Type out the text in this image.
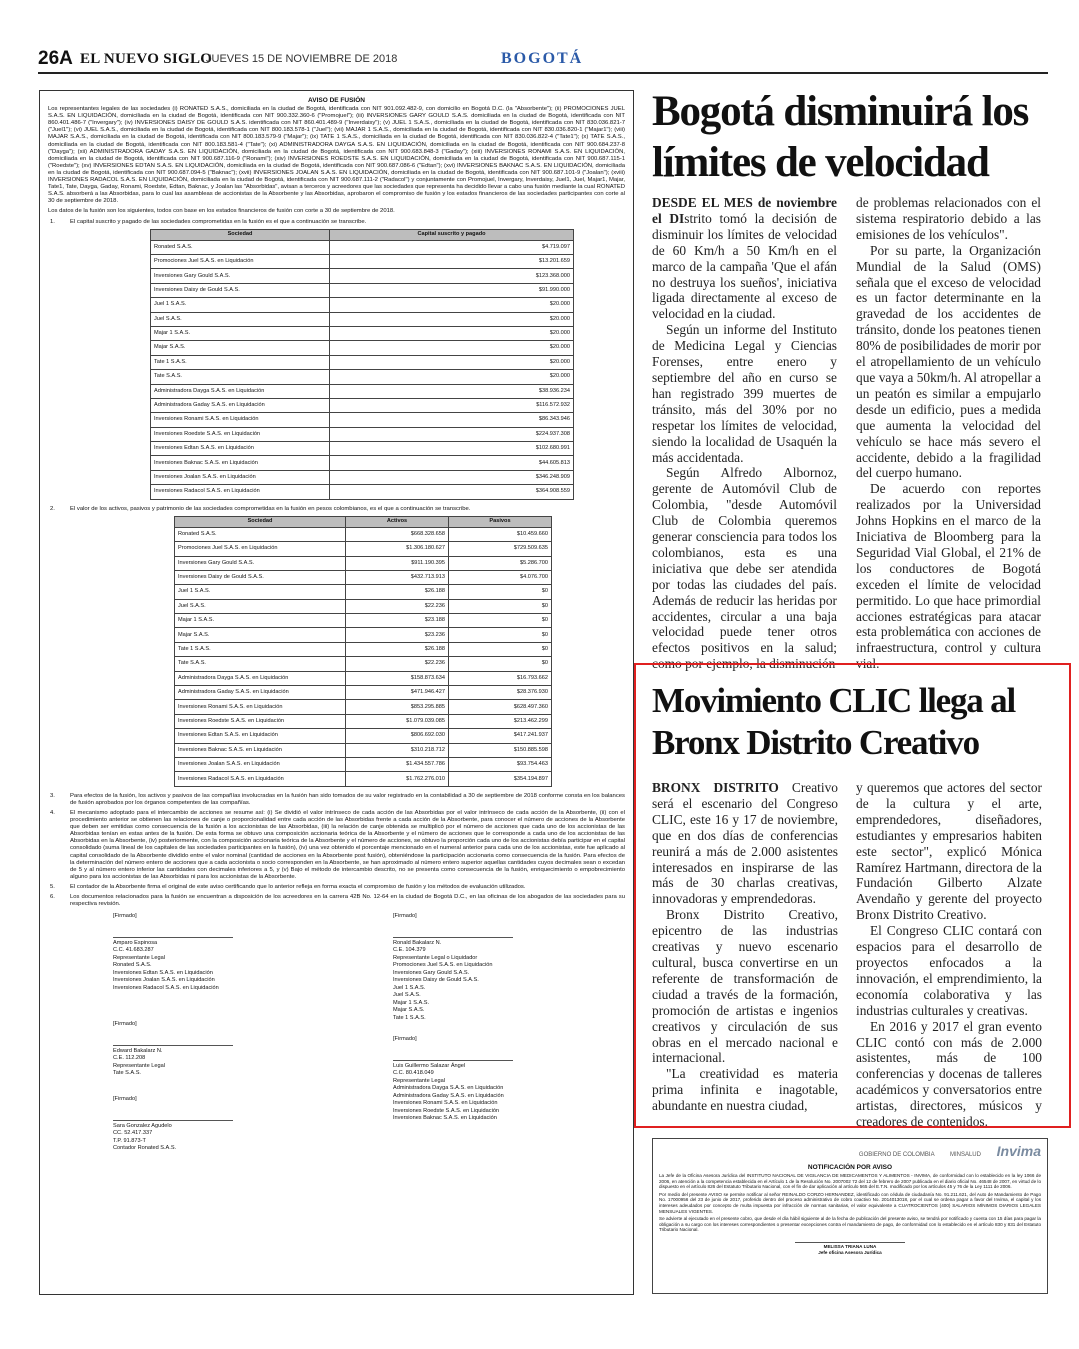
26A EL NUEVO SIGLO
JUEVES 15 DE NOVIEMBRE DE 2018	BOGOTÁ
AVISO DE FUSIÓN

Los representantes legales de las sociedades (i) RONATED S.A.S., domiciliada en la ciudad de Bogotá, identificada con NIT 901.092.482-9, con domicilio en Bogotá D.C. (la "Absorbente"); (ii) PROMOCIONES JUEL S.A.S. EN LIQUIDACIÓN, domiciliada en la ciudad de Bogotá, identificada con NIT 900.332.360-6 ("Promojuel"); (iii) INVERSIONES GARY GOULD S.A.S. domiciliada en la ciudad de Bogotá, identificada con NIT 860.401.486-7 ("Invergary"); (iv) INVERSIONES DAISY DE GOULD S.A.S. identificada con NIT 860.401.489-9 ("Inverdaisy"); (v) JUEL 1 S.A.S., domiciliada en la ciudad de Bogotá, identificada con NIT 830.036.821-7 ("Juel1"); (vi) JUEL S.A.S., domiciliada en la ciudad de Bogotá, identificada con NIT 800.183.578-1 ("Juel"); (vii) MAJAR 1 S.A.S., domiciliada en la ciudad de Bogotá, identificada con NIT 830.036.820-1 ("Majar1"); (viii) MAJAR S.A.S., domiciliada en la ciudad de Bogotá, identificada con NIT 800.183.579-9 ("Majar"); (ix) TATE 1 S.A.S., domiciliada en la ciudad de Bogotá, identificada con NIT 830.036.822-4 ("Tate1"); (x) TATE S.A.S., domiciliada en la ciudad de Bogotá, identificada con NIT 800.183.581-4 ("Tate"); (xi) ADMINISTRADORA DAYGA S.A.S. EN LIQUIDACIÓN, domiciliada en la ciudad de Bogotá, identificada con NIT 900.684.237-8 ("Dayga"); (xii) ADMINISTRADORA GADAY S.A.S. EN LIQUIDACIÓN, domiciliada en la ciudad de Bogotá, identificada con NIT 900.683.848-3 ("Gaday"); (xiii) INVERSIONES RONAMI S.A.S. EN LIQUIDACIÓN, domiciliada en la ciudad de Bogotá, identificada con NIT 900.687.116-9 ("Ronami"); (xiv) INVERSIONES ROEDSTE S.A.S. EN LIQUIDACIÓN, domiciliada en la ciudad de Bogotá, identificada con NIT 900.687.115-1 ("Roedste"); (xv) INVERSIONES EDTAN S.A.S. EN LIQUIDACIÓN, domiciliada en la ciudad de Bogotá, identificada con NIT 900.687.086-6 ("Edtan"); (xvi) INVERSIONES BAKNAC S.A.S. EN LIQUIDACIÓN, domiciliada en la ciudad de Bogotá, identificada con NIT 900.687.094-5 ("Baknac"); (xvii) INVERSIONES JOALAN S.A.S. EN LIQUIDACIÓN, domiciliada en la ciudad de Bogotá, identificada con NIT 900.687.101-9 ("Joalan"); (xviii) INVERSIONES RADACOL S.A.S. EN LIQUIDACIÓN, domiciliada en la ciudad de Bogotá, identificada con NIT 900.687.111-2 ("Radacol") y conjuntamente con Promojuel, Invergary, Inverdaisy, Juel1, Juel, Majar1, Majar, Tate1, Tate, Dayga, Gaday, Ronami, Roedste, Edtan, Baknac, y Joalan las "Absorbidas", avisan a terceros y acreedores que las sociedades que representa ha decidido llevar a cabo una fusión mediante la cual RONATED S.A.S. absorberá a las Absorbidas, para lo cual las asambleas de accionistas de la Absorbente y las Absorbidas, aprobaron el compromiso de fusión y los estados financieros de las sociedades participantes con corte al 30 de septiembre de 2018.

Los datos de la fusión son los siguientes, todos con base en los estados financieros de fusión con corte a 30 de septiembre de 2018.

1.	El capital suscrito y pagado de las sociedades comprometidas en la fusión es el que a continuación se transcribe.
Sociedad	Capital suscrito y pagado
Ronated S.A.S.	$4.719.097
Promociones Juel S.A.S. en Liquidación	$13.201.659
Inversiones Gary Gould S.A.S.	$123.368.000
Inversiones Daisy de Gould S.A.S.	$91.990.000
Juel 1 S.A.S.	$20.000
Juel S.A.S.	$20.000
Majar 1 S.A.S.	$20.000
Majar S.A.S.	$20.000
Tate 1 S.A.S.	$20.000
Tate S.A.S.	$20.000
Administradora Dayga S.A.S. en Liquidación	$38.936.234
Administradora Gaday S.A.S. en Liquidación	$116.572.932
Inversiones Ronami S.A.S. en Liquidación	$86.343.946
Inversiones Roedste S.A.S. en Liquidación	$224.937.308
Inversiones Edtan S.A.S. en Liquidación	$102.680.991
Inversiones Baknac S.A.S. en Liquidación	$44.605.813
Inversiones Joalan S.A.S. en Liquidación	$346.248.909
Inversiones Radacol S.A.S. en Liquidación	$364.908.559
2.	El valor de los activos, pasivos y patrimonio de las sociedades comprometidas en la fusión en pesos colombianos, es el que a continuación se transcribe.
Sociedad	Activos	Pasivos
Ronated S.A.S.	$668.328.658	$10.459.660
Promociones Juel S.A.S. en Liquidación	$1.306.180.627	$729.509.635
Inversiones Gary Gould S.A.S.	$911.190.395	$5.286.700
Inversiones Daisy de Gould S.A.S.	$432.713.913	$4.076.700
Juel 1 S.A.S.	$26.188	$0
Juel S.A.S.	$22.236	$0
Majar 1 S.A.S.	$23.188	$0
Majar S.A.S.	$23.236	$0
Tate 1 S.A.S.	$26.188	$0
Tate S.A.S.	$22.236	$0
Administradora Dayga S.A.S. en Liquidación	$158.873.634	$16.793.662
Administradora Gaday S.A.S. en Liquidación	$471.946.427	$28.376.930
Inversiones Ronami S.A.S. en Liquidación	$853.295.885	$628.497.360
Inversiones Roedste S.A.S. en Liquidación	$1.079.039.085	$213.462.299
Inversiones Edtan S.A.S. en Liquidación	$806.692.030	$417.241.937
Inversiones Baknac S.A.S. en Liquidación	$310.218.712	$150.885.598
Inversiones Joalan S.A.S. en Liquidación	$1.434.557.786	$93.754.463
Inversiones Radacol S.A.S. en Liquidación	$1.762.276.010	$354.194.897
3.	Para efectos de la fusión, los activos y pasivos de las compañías involucradas en la fusión han sido tomados de su valor registrado en la contabilidad a 30 de septiembre de 2018 conforme consta en los balances de fusión aprobados por los órganos competentes de las compañías.
4.	El mecanismo adoptado para el intercambio de acciones se resume así: (i) Se dividió el valor intrínseco de cada acción de las Absorbidas por el valor intrínseco de cada acción de la Absorbente, (ii) con el procedimiento anterior se obtienen las relaciones de canje o proporcionalidad entre cada acción de las Absorbidas frente a cada acción de la Absorbente, para conocer el número de acciones de la Absorbente que deben ser emitidas como consecuencia de la fusión a los accionistas de las Absorbidas, (iii) la relación de canje obtenida se multiplicó por el número de acciones que cada uno de los accionistas de las Absorbidas tenían en estas antes de la fusión. De esta forma se obtuvo una composición accionaria teórica de la Absorbente y el número de acciones que le corresponde a cada uno de los accionistas de las Absorbidas en la Absorbente, (iv) posteriormente, con la composición accionaria teórica de la Absorbente y el número de acciones, se obtuvo la proporción cada uno de los accionistas debía participar en el capital consolidado (suma lineal de los capitales de las sociedades participantes en la fusión), (iv) una vez obtenido el porcentaje mencionado en el numeral anterior para cada uno de los accionistas, este fue aplicado al capital consolidado de la Absorbente dividido entre el valor nominal (cantidad de acciones en la Absorbente post fusión), obteniéndose la participación accionaria como consecuencia de la fusión. Para efectos de la determinación del número entero de acciones que a cada accionista o socio corresponden en la Absorbente, se han aproximado al número entero superior aquellas cantidades cuyos decimales sean o excedan de 5 y al número entero inferior las cantidades con decimales inferiores a 5, y (v) Bajo el método de intercambio descrito, no se presenta como consecuencia de la fusión, enriquecimiento o empobrecimiento alguno para los accionistas de las Absorbidas ni para los accionistas de la Absorbente.
5.	El contador de la Absorbente firma el original de este aviso certificando que lo anterior refleja en forma exacta el compromiso de fusión y los métodos de evaluación utilizados.
6.	Los documentos relacionados para la fusión se encuentran a disposición de los acreedores en la carrera 42B No. 12-64 en la ciudad de Bogotá D.C., en las oficinas de los abogados de las sociedades para su respectiva revisión.
[Firmado]
Amparo Espinosa
C.C. 41.683.287
Representante Legal
Ronated S.A.S.
Inversiones Edtan S.A.S. en Liquidación
Inversiones Joalan S.A.S. en Liquidación
Inversiones Radacol S.A.S. en Liquidación
[Firmado]
Ronald Bakalarz N.
C.E. 104.379
Representante Legal o Liquidador
Promociones Juel S.A.S. en Liquidación
Inversiones Gary Gould S.A.S.
Inversiones Daisy de Gould S.A.S.
Juel 1 S.A.S.
Juel S.A.S.
Majar 1 S.A.S.
Majar S.A.S.
Tate 1 S.A.S.
[Firmado]
Edward Bakalarz N.
C.E. 112.208
Representante Legal
Tate S.A.S.
[Firmado]
Luis Guillermo Salazar Ángel
C.C. 80.418.049
Representante Legal
Administradora Dayga S.A.S. en Liquidación
Administradora Gaday S.A.S. en Liquidación
Inversiones Ronami S.A.S. en Liquidación
Inversiones Roedste S.A.S. en Liquidación
Inversiones Baknac S.A.S. en Liquidación
[Firmado]
Sara Gonzalez Agudelo
CC. 52.417.337
T.P. 91.873-T
Contador Ronated S.A.S.
Bogotá disminuirá los límites de velocidad

DESDE EL MES de noviembre el DIstrito tomó la decisión de disminuir los límites de velocidad de 60 Km/h a 50 Km/h en el marco de la campaña 'Que el afán no destruya los sueños', iniciativa ligada directamente al exceso de velocidad en la ciudad.

Según un informe del Instituto de Medicina Legal y Ciencias Forenses, entre enero y septiembre del año en curso se han registrado 399 muertes de tránsito, más del 30% por no respetar los límites de velocidad, siendo la localidad de Usaquén la más accidentada.

Según Alfredo Albornoz, gerente de Automóvil Club de Colombia, "desde Automóvil Club de Colombia queremos generar consciencia para todos los colombianos, esta es una iniciativa que debe ser atendida por todas las ciudades del país. Además de reducir las heridas por accidentes, circular a una baja velocidad puede tener otros efectos positivos en la salud; como por ejemplo, la disminución

de problemas relacionados con el sistema respiratorio debido a las emisiones de los vehículos".

Por su parte, la Organización Mundial de la Salud (OMS) señala que el exceso de velocidad es un factor determinante en la gravedad de los accidentes de tránsito, donde los peatones tienen 80% de posibilidades de morir por el atropellamiento de un vehículo que vaya a 50km/h. Al atropellar a un peatón es similar a empujarlo desde un edificio, pues a medida que aumenta la velocidad del vehículo se hace más severo el accidente, debido a la fragilidad del cuerpo humano.

De acuerdo con reportes realizados por la Universidad Johns Hopkins en el marco de la Iniciativa de Bloomberg para la Seguridad Vial Global, el 21% de los conductores de Bogotá exceden el límite de velocidad permitido. Lo que hace primordial acciones estratégicas para atacar esta problemática con acciones de infraestructura, control y cultura vial.

Movimiento CLIC llega al Bronx Distrito Creativo

BRONX DISTRITO Creativo será el escenario del Congreso CLIC, este 16 y 17 de noviembre, que en dos días de conferencias reunirá a más de 2.000 asistentes interesados en inspirarse de las más de 30 charlas creativas, innovadoras y emprendedoras.

Bronx Distrito Creativo, epicentro de las industrias creativas y nuevo escenario cultural, busca convertirse en un referente de transformación de ciudad a través de la formación, promoción de artistas e ingenios creativos y circulación de sus obras en el mercado nacional e internacional.

"La creatividad es materia prima infinita e inagotable, abundante en nuestra ciudad,

y queremos que actores del sector de la cultura y el arte, emprendedores, diseñadores, estudiantes y empresarios habiten este sector", explicó Mónica Ramírez Hartmann, directora de la Fundación Gilberto Alzate Avendaño y gerente del proyecto Bronx Distrito Creativo.

El Congreso CLIC contará con espacios para el desarrollo de proyectos enfocados a la innovación, el emprendimiento, la economía colaborativa y las industrias culturales y creativas.

En 2016 y 2017 el gran evento CLIC contó con más de 2.000 asistentes, más de 100 conferencias y docenas de talleres académicos y conversatorios entre artistas, directores, músicos y creadores de contenidos.

GOBIERNO DE COLOMBIA	MINSALUD Invima
NOTIFICACIÓN POR AVISO

La Jefe de la Oficina Asesora Jurídica del INSTITUTO NACIONAL DE VIGILANCIA DE MEDICAMENTOS Y ALIMENTOS - INVIMA, de conformidad con lo establecido en la ley 1066 de 2006, en atención a la competencia establecida en el Artículo 1 de la Resolución No. 2007002 72 del 12 de febrero de 2007 publicada en el diario oficial No. 46548 de 2007, en virtud de lo dispuesto en el artículo 826 del Estatuto Tributario Nacional, con el fin de dar aplicación al artículo 565 del E.T.N. modificado por los artículos 45 y 76 de la Ley 1111 de 2006.

Por medio del presente AVISO se permite notificar al señor REINALDO CORZO HERNANDEZ, identificado con cédula de ciudadanía No. 91.211.621, del Auto de Mandamiento de Pago No. 17000956 del 23 de junio de 2017, proferido dentro del proceso administrativo de cobro coactivo No. 2014013018, por el cual se ordena pagar a favor del Invima, el capital y los intereses adeudados por concepto de multa impuesta por infracción de normas sanitarias, el valor equivalente a CUATROCIENTOS (400) SALARIOS MÍNIMOS DIARIOS LEGALES MENSUALES VIGENTES.

Se advierte al ejecutado en el presente cobro, que desde el día hábil siguiente al de la fecha de publicación del presente aviso, se tendrá por notificado y cuenta con 15 días para pagar la obligación a su cargo con los intereses correspondientes o presentar excepciones contra el mandamiento de pago, de conformidad con lo establecido en el artículo 830 y 831 del Estatuto Tributario Nacional.

MELISSA TRIANA LUNA
Jefe oficina Asesora Jurídica
